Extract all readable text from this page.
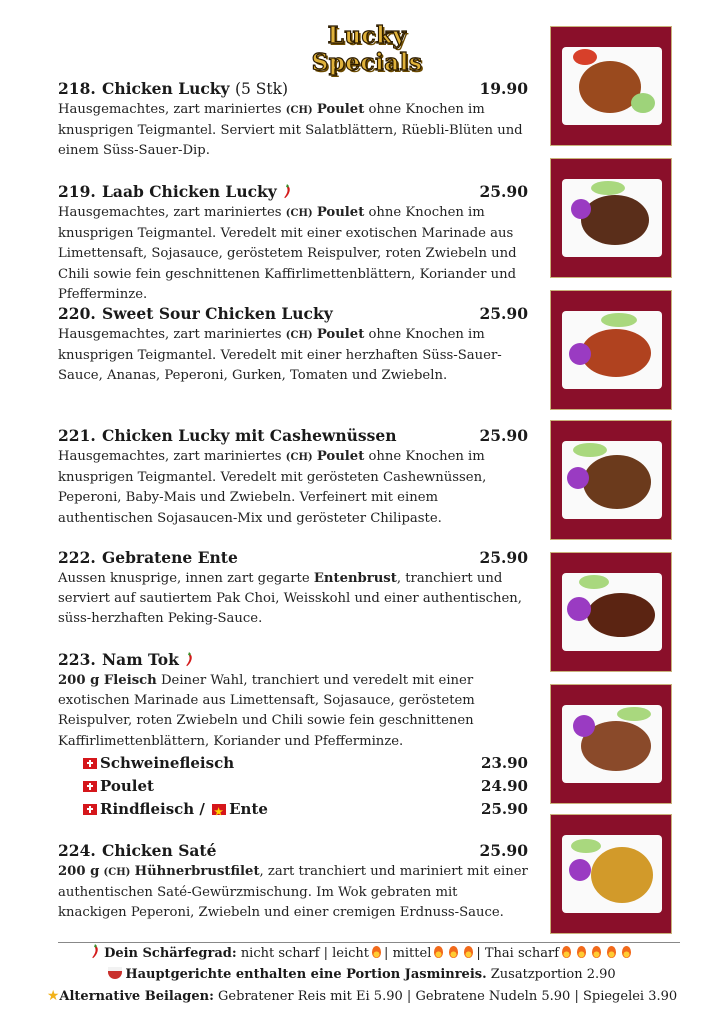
Lucky Specials
218. Chicken Lucky (5 Stk)	19.90
Hausgemachtes, zart mariniertes (CH) Poulet ohne Knochen im knusprigen Teigmantel. Serviert mit Salatblättern, Rüebli-Blüten und einem Süss-Sauer-Dip.
219. Laab Chicken Lucky	25.90
Hausgemachtes, zart mariniertes (CH) Poulet ohne Knochen im knusprigen Teigmantel. Veredelt mit einer exotischen Marinade aus Limettensaft, Sojasauce, geröstetem Reispulver, roten Zwiebeln und Chili sowie fein geschnittenen Kaffirlimettenblättern, Koriander und Pfefferminze.
220. Sweet Sour Chicken Lucky	25.90
Hausgemachtes, zart mariniertes (CH) Poulet ohne Knochen im knusprigen Teigmantel. Veredelt mit einer herzhaften Süss-Sauer-Sauce, Ananas, Peperoni, Gurken, Tomaten und Zwiebeln.
221. Chicken Lucky mit Cashewnüssen	25.90
Hausgemachtes, zart mariniertes (CH) Poulet ohne Knochen im knusprigen Teigmantel. Veredelt mit gerösteten Cashewnüssen, Peperoni, Baby-Mais und Zwiebeln. Verfeinert mit einem authentischen Sojasaucen-Mix und gerösteter Chilipaste.
222. Gebratene Ente	25.90
Aussen knusprige, innen zart gegarte Entenbrust, tranchiert und serviert auf sautiertem Pak Choi, Weisskohl und einer authentischen, süss-herzhaften Peking-Sauce.
223. Nam Tok
200 g Fleisch Deiner Wahl, tranchiert und veredelt mit einer exotischen Marinade aus Limettensaft, Sojasauce, geröstetem Reispulver, roten Zwiebeln und Chili sowie fein geschnittenen Kaffirlimettenblättern, Koriander und Pfefferminze.
Schweinefleisch	23.90
Poulet	24.90
Rindfleisch / ★ Ente	25.90
224. Chicken Saté	25.90
200 g (CH) Hühnerbrustfilet, zart tranchiert und mariniert mit einer authentischen Saté-Gewürzmischung. Im Wok gebraten mit knackigen Peperoni, Zwiebeln und einer cremigen Erdnuss-Sauce.
Dein Schärfegrad: nicht scharf | leicht | mittel	| Thai scharf
Hauptgerichte enthalten eine Portion Jasminreis. Zusatzportion 2.90
★Alternative Beilagen: Gebratener Reis mit Ei 5.90 | Gebratene Nudeln 5.90 | Spiegelei 3.90
